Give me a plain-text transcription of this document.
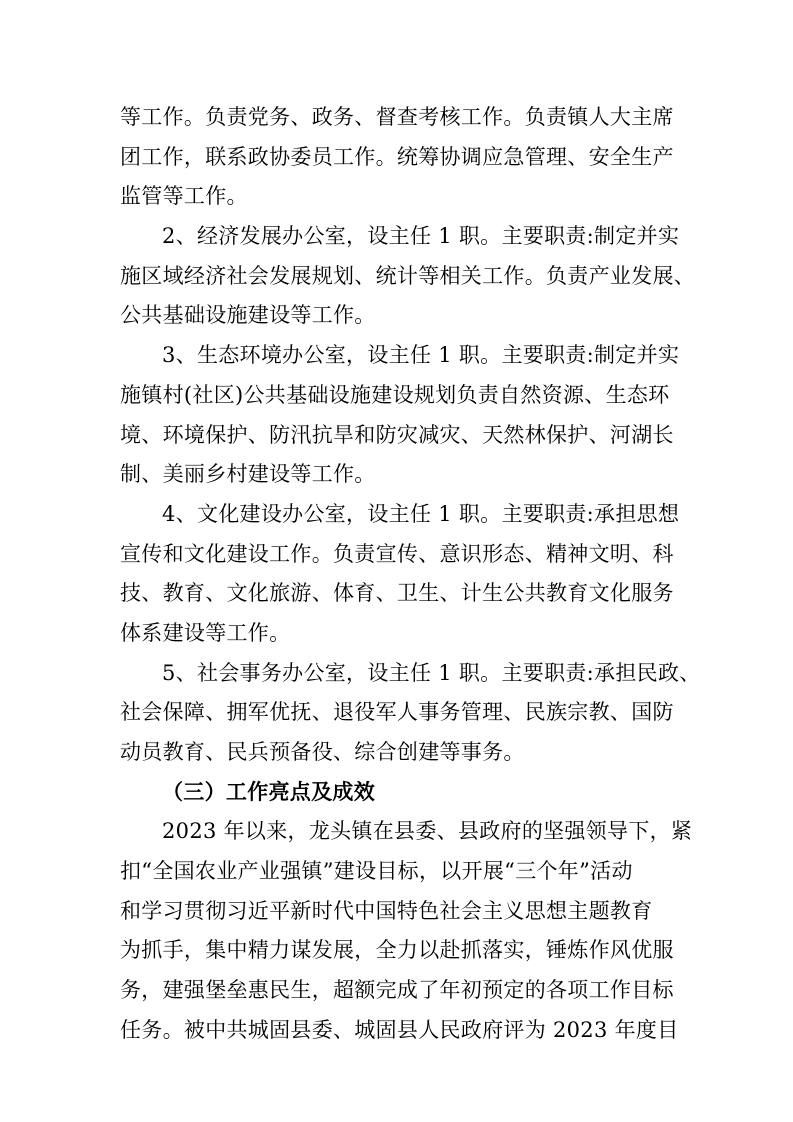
等工作。负责党务、政务、督查考核工作。负责镇人大主席
团工作，联系政协委员工作。统筹协调应急管理、安全生产
监管等工作。
2、经济发展办公室，设主任 1 职。主要职责:制定并实
施区域经济社会发展规划、统计等相关工作。负责产业发展、
公共基础设施建设等工作。
3、生态环境办公室，设主任 1 职。主要职责:制定并实
施镇村(社区)公共基础设施建设规划负责自然资源、生态环
境、环境保护、防汛抗旱和防灾减灾、天然林保护、河湖长
制、美丽乡村建设等工作。
4、文化建设办公室，设主任 1 职。主要职责:承担思想
宣传和文化建设工作。负责宣传、意识形态、精神文明、科
技、教育、文化旅游、体育、卫生、计生公共教育文化服务
体系建设等工作。
5、社会事务办公室，设主任 1 职。主要职责:承担民政、
社会保障、拥军优抚、退役军人事务管理、民族宗教、国防
动员教育、民兵预备役、综合创建等事务。
（三）工作亮点及成效
2023 年以来，龙头镇在县委、县政府的坚强领导下，紧
扣“全国农业产业强镇”建设目标，以开展“三个年”活动
和学习贯彻习近平新时代中国特色社会主义思想主题教育
为抓手，集中精力谋发展，全力以赴抓落实，锤炼作风优服
务，建强堡垒惠民生，超额完成了年初预定的各项工作目标
任务。被中共城固县委、城固县人民政府评为 2023 年度目
